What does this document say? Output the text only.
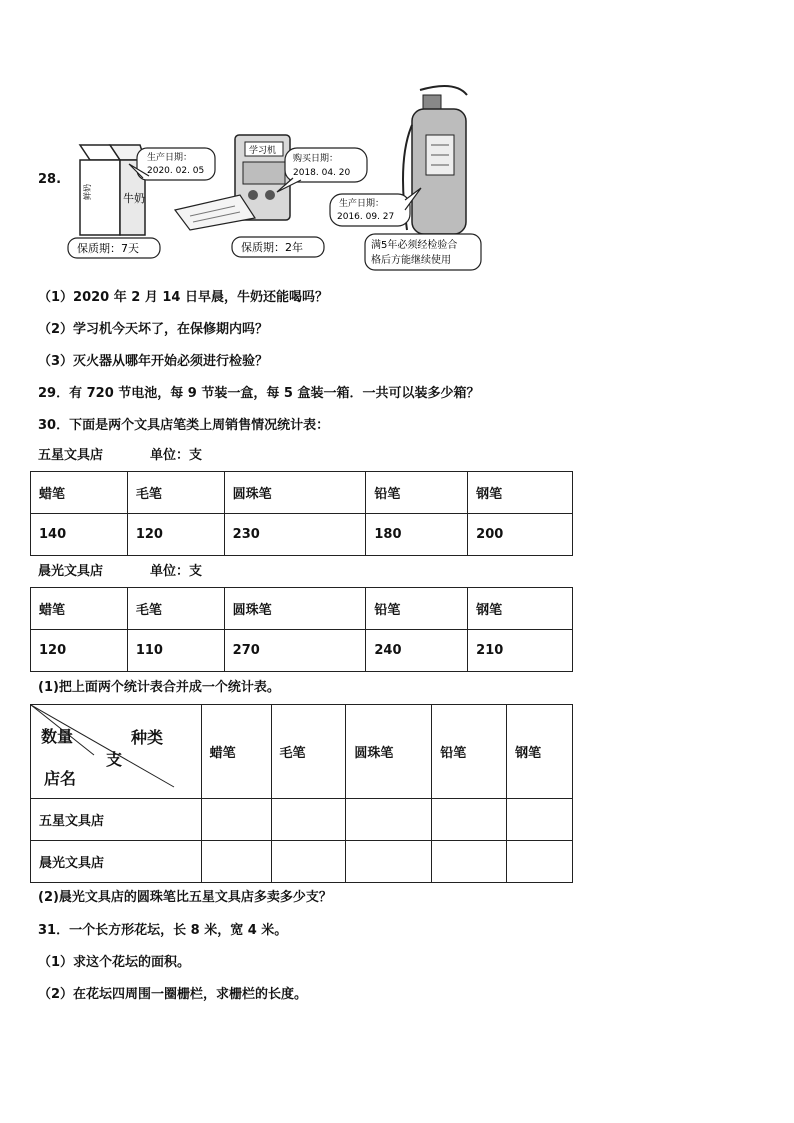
28.
鲜奶	牛奶
生产日期：
2020. 02. 05
保质期：7天
学习机
购买日期：
2018. 04. 20
保质期：2年
生产日期：
2016. 09. 27
满5年必须经检验合
格后方能继续使用
（1）2020 年 2 月 14 日早晨，牛奶还能喝吗？
（2）学习机今天坏了，在保修期内吗？
（3）灭火器从哪年开始必须进行检验？
29．有 720 节电池，每 9 节装一盒，每 5 盒装一箱．一共可以装多少箱？
30．下面是两个文具店笔类上周销售情况统计表：
五星文具店	单位：支
蜡笔	毛笔	圆珠笔	铅笔	钢笔
140	120	230	180	200
晨光文具店	单位：支
蜡笔	毛笔	圆珠笔	铅笔	钢笔
120	110	270	240	210
(1)把上面两个统计表合并成一个统计表。
数量 种类
支
店名	蜡笔	毛笔	圆珠笔	铅笔	钢笔
五星文具店					
晨光文具店					
(2)晨光文具店的圆珠笔比五星文具店多卖多少支？
31．一个长方形花坛，长 8 米，宽 4 米。
（1）求这个花坛的面积。
（2）在花坛四周围一圈栅栏，求栅栏的长度。
